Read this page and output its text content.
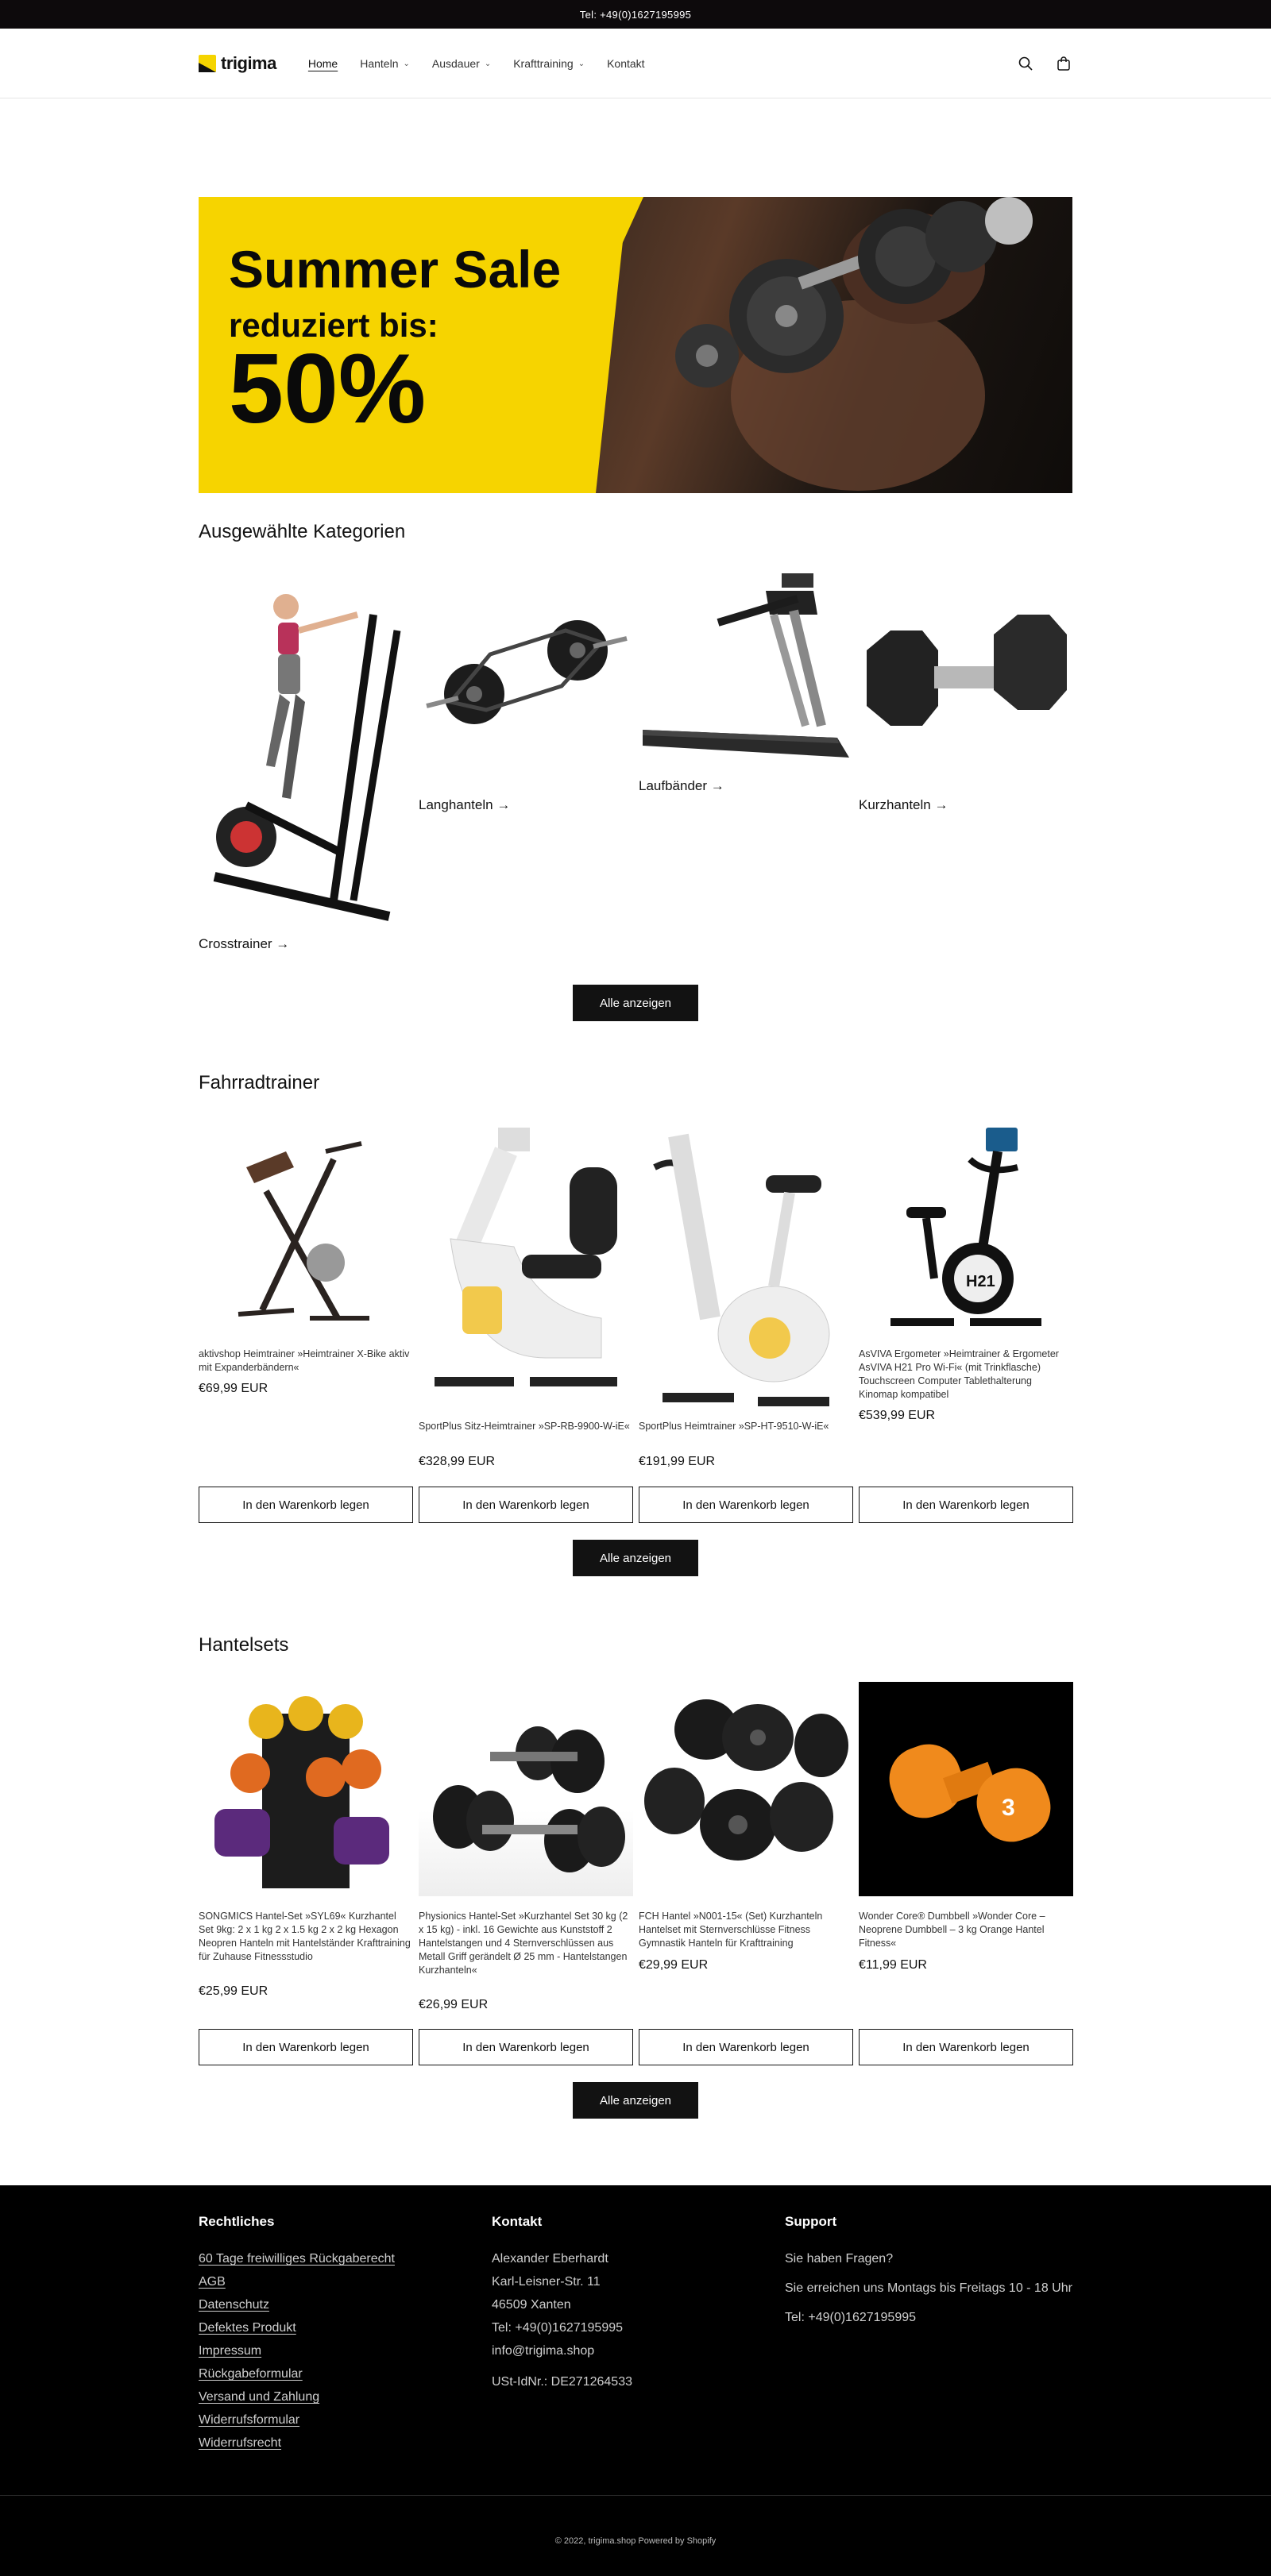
Tel: +49(0)1627195995
trigima	Home Hanteln ⌄ Ausdauer ⌄ Krafttraining ⌄ Kontakt
Summer Sale
reduziert bis:
50%
Ausgewählte Kategorien
Crosstrainer →
Langhanteln →
Laufbänder →
Kurzhanteln →
Alle anzeigen
Fahrradtrainer
aktivshop Heimtrainer »Heimtrainer X-Bike aktiv mit Expanderbändern«
€69,99 EUR
SportPlus Sitz-Heimtrainer »SP-RB-9900-W-iE«
€328,99 EUR
SportPlus Heimtrainer »SP-HT-9510-W-iE«
€191,99 EUR
H21
AsVIVA Ergometer »Heimtrainer & Ergometer AsVIVA H21 Pro Wi-Fi« (mit Trinkflasche) Touchscreen Computer Tablethalterung Kinomap kompatibel
€539,99 EUR
In den Warenkorb legen	In den Warenkorb legen	In den Warenkorb legen	In den Warenkorb legen
Alle anzeigen
Hantelsets
SONGMICS Hantel-Set »SYL69« Kurzhantel Set 9kg: 2 x 1 kg 2 x 1.5 kg 2 x 2 kg Hexagon Neopren Hanteln mit Hantelständer Krafttraining für Zuhause Fitnessstudio
€25,99 EUR
Physionics Hantel-Set »Kurzhantel Set 30 kg (2 x 15 kg) - inkl. 16 Gewichte aus Kunststoff 2 Hantelstangen und 4 Sternverschlüssen aus Metall Griff gerändelt Ø 25 mm - Hantelstangen Kurzhanteln«
€26,99 EUR
FCH Hantel »N001-15« (Set) Kurzhanteln Hantelset mit Sternverschlüsse Fitness Gymnastik Hanteln für Krafttraining
€29,99 EUR
3
Wonder Core® Dumbbell »Wonder Core – Neoprene Dumbbell – 3 kg Orange Hantel Fitness«
€11,99 EUR
In den Warenkorb legen	In den Warenkorb legen	In den Warenkorb legen	In den Warenkorb legen
Alle anzeigen
Rechtliches
60 Tage freiwilliges Rückgaberecht
AGB
Datenschutz
Defektes Produkt
Impressum
Rückgabeformular
Versand und Zahlung
Widerrufsformular
Widerrufsrecht
Kontakt
Alexander Eberhardt
Karl-Leisner-Str. 11
46509 Xanten
Tel: +49(0)1627195995
info@trigima.shop
USt-IdNr.: DE271264533
Support
Sie haben Fragen?
Sie erreichen uns Montags bis Freitags 10 - 18 Uhr
Tel: +49(0)1627195995
© 2022, trigima.shop Powered by Shopify
